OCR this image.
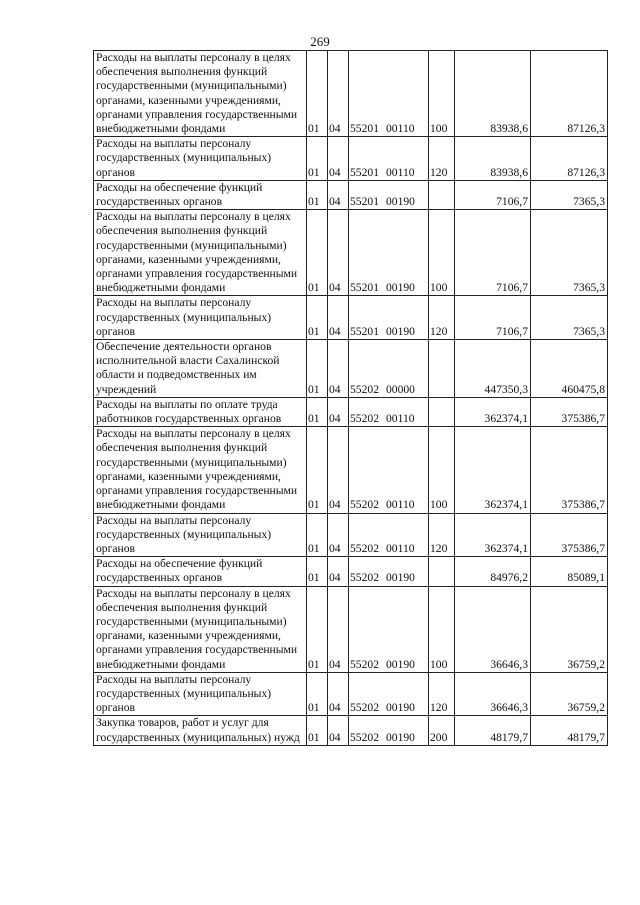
269
Расходы на выплаты персоналу в целях обеспечения выполнения функций государственными (муниципальными) органами, казенными учреждениями, органами управления государственными внебюджетными фондами	01	04	55201 00110	100	83938,6	87126,3
Расходы на выплаты персоналу государственных (муниципальных) органов	01	04	55201 00110	120	83938,6	87126,3
Расходы на обеспечение функций государственных органов	01	04	55201 00190		7106,7	7365,3
Расходы на выплаты персоналу в целях обеспечения выполнения функций государственными (муниципальными) органами, казенными учреждениями, органами управления государственными внебюджетными фондами	01	04	55201 00190	100	7106,7	7365,3
Расходы на выплаты персоналу государственных (муниципальных) органов	01	04	55201 00190	120	7106,7	7365,3
Обеспечение деятельности органов исполнительной власти Сахалинской области и подведомственных им учреждений	01	04	55202 00000		447350,3	460475,8
Расходы на выплаты по оплате труда работников государственных органов	01	04	55202 00110		362374,1	375386,7
Расходы на выплаты персоналу в целях обеспечения выполнения функций государственными (муниципальными) органами, казенными учреждениями, органами управления государственными внебюджетными фондами	01	04	55202 00110	100	362374,1	375386,7
Расходы на выплаты персоналу государственных (муниципальных) органов	01	04	55202 00110	120	362374,1	375386,7
Расходы на обеспечение функций государственных органов	01	04	55202 00190		84976,2	85089,1
Расходы на выплаты персоналу в целях обеспечения выполнения функций государственными (муниципальными) органами, казенными учреждениями, органами управления государственными внебюджетными фондами	01	04	55202 00190	100	36646,3	36759,2
Расходы на выплаты персоналу государственных (муниципальных) органов	01	04	55202 00190	120	36646,3	36759,2
Закупка товаров, работ и услуг для государственных (муниципальных) нужд	01	04	55202 00190	200	48179,7	48179,7
